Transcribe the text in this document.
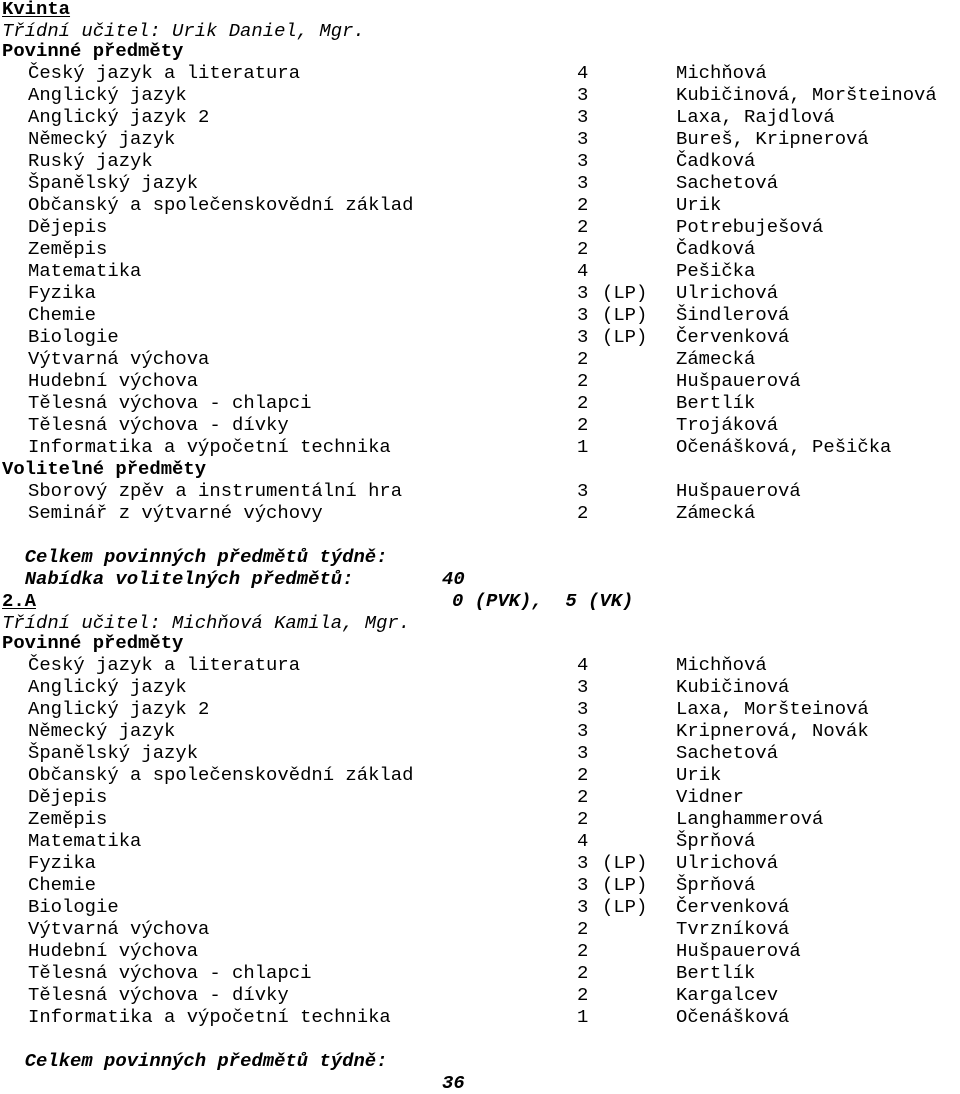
Kvinta
Třídní učitel: Urik Daniel, Mgr.
Povinné předměty
Český jazyk a literatura	4	Michňová
Anglický jazyk	3	Kubičinová, Moršteinová
Anglický jazyk 2	3	Laxa, Rajdlová
Německý jazyk	3	Bureš, Kripnerová
Ruský jazyk	3	Čadková
Španělský jazyk	3	Sachetová
Občanský a společenskovědní základ	2	Urik
Dějepis	2	Potrebuješová
Zeměpis	2	Čadková
Matematika	4	Pešička
Fyzika	3 (LP) Ulrichová
Chemie	3 (LP) Šindlerová
Biologie	3 (LP) Červenková
Výtvarná výchova	2	Zámecká
Hudební výchova	2	Hušpauerová
Tělesná výchova - chlapci	2	Bertlík
Tělesná výchova - dívky	2	Trojáková
Informatika a výpočetní technika	1	Očenášková, Pešička
Volitelné předměty
Sborový zpěv a instrumentální hra	3	Hušpauerová
Seminář z výtvarné výchovy	2	Zámecká

Celkem povinných předmětů týdně:

40

Nabídka volitelných předmětů:

0 (PVK),  5 (VK)

2.A
Třídní učitel: Michňová Kamila, Mgr.
Povinné předměty
Český jazyk a literatura	4	Michňová
Anglický jazyk	3	Kubičinová
Anglický jazyk 2	3	Laxa, Moršteinová
Německý jazyk	3	Kripnerová, Novák
Španělský jazyk	3	Sachetová
Občanský a společenskovědní základ	2	Urik
Dějepis	2	Vidner
Zeměpis	2	Langhammerová
Matematika	4	Šprňová
Fyzika	3 (LP) Ulrichová
Chemie	3 (LP) Šprňová
Biologie	3 (LP) Červenková
Výtvarná výchova	2	Tvrzníková
Hudební výchova	2	Hušpauerová
Tělesná výchova - chlapci	2	Bertlík
Tělesná výchova - dívky	2	Kargalcev
Informatika a výpočetní technika	1	Očenášková

Celkem povinných předmětů týdně:

36
